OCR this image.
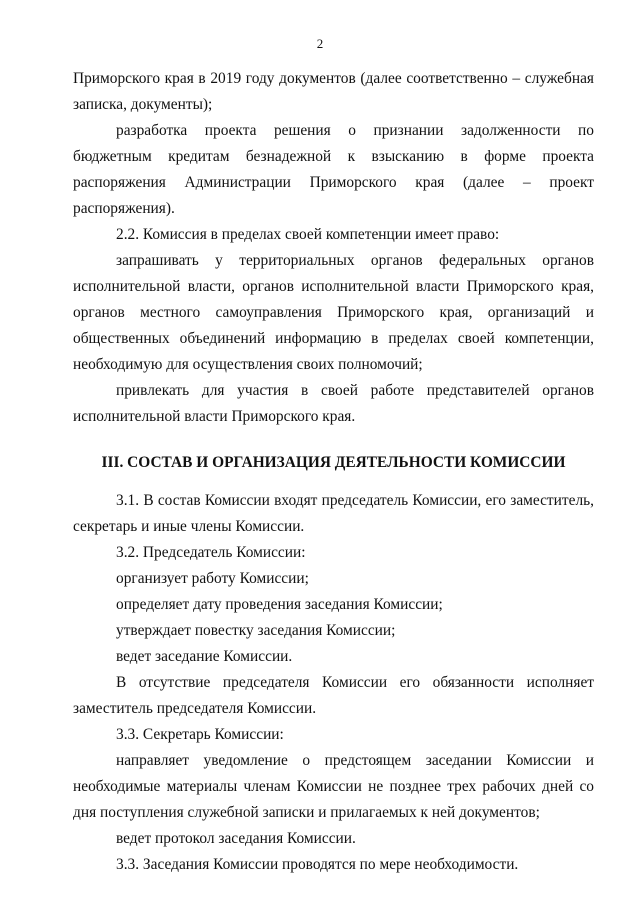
2

Приморского края в 2019 году документов (далее соответственно – служебная записка, документы);

разработка проекта решения о признании задолженности по бюджетным кредитам безнадежной к взысканию в форме проекта распоряжения Администрации Приморского края (далее – проект распоряжения).

2.2. Комиссия в пределах своей компетенции имеет право:

запрашивать у территориальных органов федеральных органов исполнительной власти, органов исполнительной власти Приморского края, органов местного самоуправления Приморского края, организаций и общественных объединений информацию в пределах своей компетенции, необходимую для осуществления своих полномочий;

привлекать для участия в своей работе представителей органов исполнительной власти Приморского края.

III. СОСТАВ И ОРГАНИЗАЦИЯ ДЕЯТЕЛЬНОСТИ КОМИССИИ

3.1. В состав Комиссии входят председатель Комиссии, его заместитель, секретарь и иные члены Комиссии.

3.2. Председатель Комиссии:

организует работу Комиссии;

определяет дату проведения заседания Комиссии;

утверждает повестку заседания Комиссии;

ведет заседание Комиссии.

В отсутствие председателя Комиссии его обязанности исполняет заместитель председателя Комиссии.

3.3. Секретарь Комиссии:

направляет уведомление о предстоящем заседании Комиссии и необходимые материалы членам Комиссии не позднее трех рабочих дней со дня поступления служебной записки и прилагаемых к ней документов;

ведет протокол заседания Комиссии.

3.3. Заседания Комиссии проводятся по мере необходимости.
